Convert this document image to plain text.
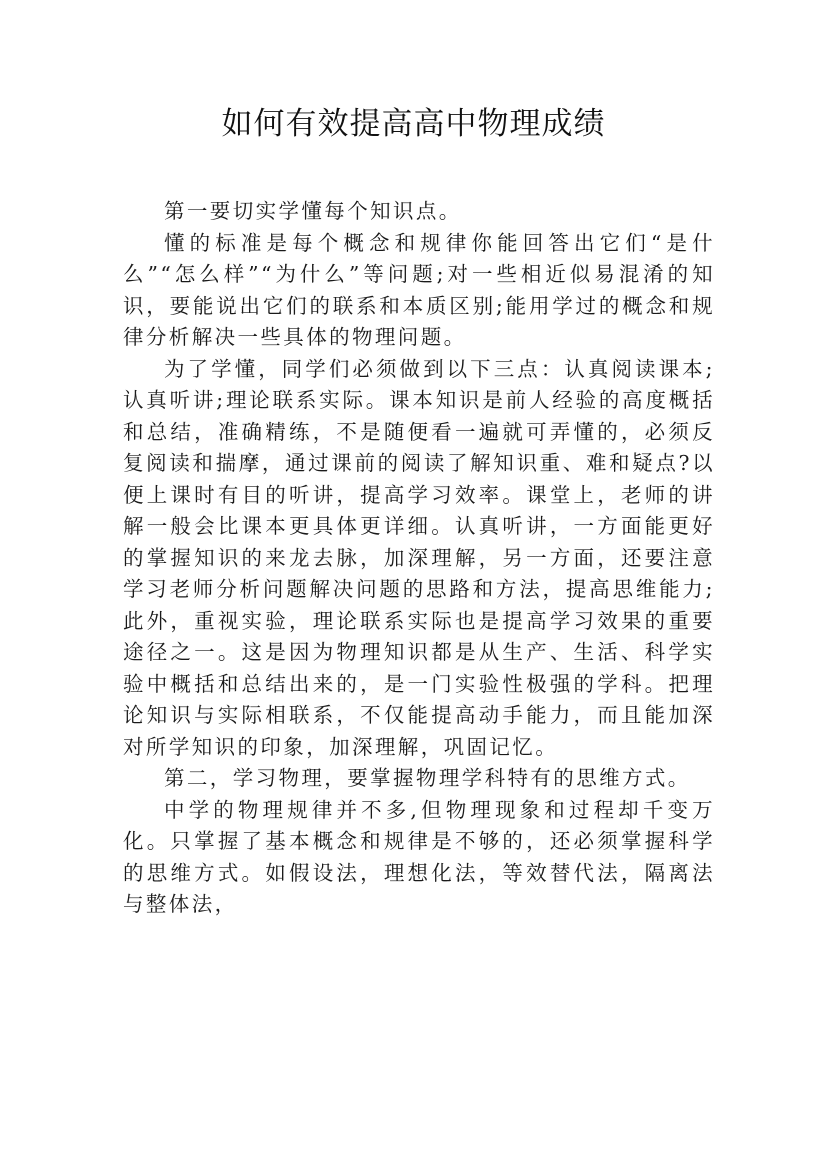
如何有效提高高中物理成绩

第一要切实学懂每个知识点。

懂的标准是每个概念和规律你能回答出它们“是什么”“怎么样”“为什么”等问题;对一些相近似易混淆的知识，要能说出它们的联系和本质区别;能用学过的概念和规律分析解决一些具体的物理问题。

为了学懂，同学们必须做到以下三点：认真阅读课本;认真听讲;理论联系实际。课本知识是前人经验的高度概括和总结，准确精练，不是随便看一遍就可弄懂的，必须反复阅读和揣摩，通过课前的阅读了解知识重、难和疑点?以便上课时有目的听讲，提高学习效率。课堂上，老师的讲解一般会比课本更具体更详细。认真听讲，一方面能更好的掌握知识的来龙去脉，加深理解，另一方面，还要注意学习老师分析问题解决问题的思路和方法，提高思维能力;此外，重视实验，理论联系实际也是提高学习效果的重要途径之一。这是因为物理知识都是从生产、生活、科学实验中概括和总结出来的，是一门实验性极强的学科。把理论知识与实际相联系，不仅能提高动手能力，而且能加深对所学知识的印象，加深理解，巩固记忆。

第二，学习物理，要掌握物理学科特有的思维方式。

中学的物理规律并不多,但物理现象和过程却千变万化。只掌握了基本概念和规律是不够的，还必须掌握科学的思维方式。如假设法，理想化法，等效替代法，隔离法与整体法，
